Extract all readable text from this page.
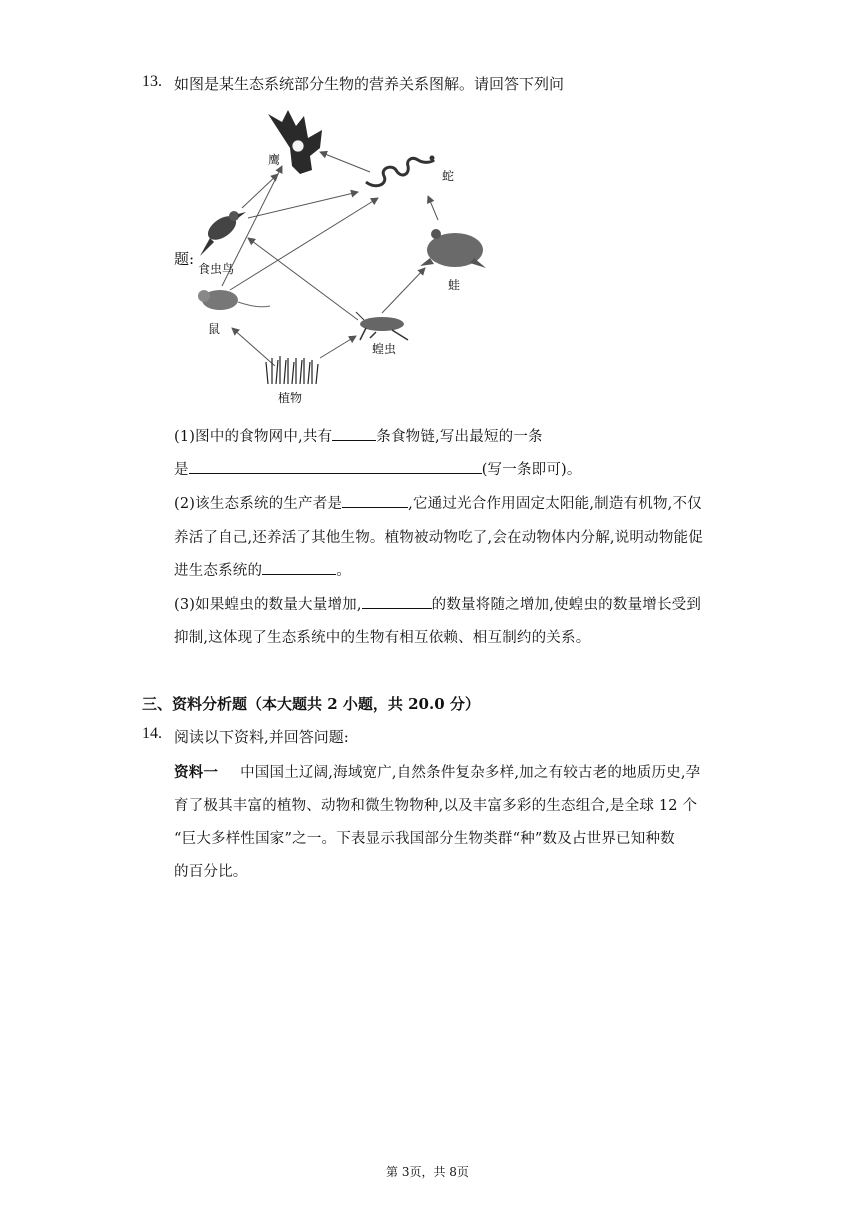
13. 如图是某生态系统部分生物的营养关系图解。请回答下列问
鹰
蛇
食虫鸟
蛙
鼠
蝗虫
植物
题:
(1)图中的食物网中,共有	条食物链,写出最短的一条
是	(写一条即可)。
(2)该生态系统的生产者是	,它通过光合作用固定太阳能,制造有机物,不仅
养活了自己,还养活了其他生物。植物被动物吃了,会在动物体内分解,说明动物能促
进生态系统的	。
(3)如果蝗虫的数量大量增加,	的数量将随之增加,使蝗虫的数量增长受到
抑制,这体现了生态系统中的生物有相互依赖、相互制约的关系。
三、资料分析题（本大题共 2 小题，共 20.0 分）
14. 阅读以下资料,并回答问题:
资料一 中国国土辽阔,海域宽广,自然条件复杂多样,加之有较古老的地质历史,孕
育了极其丰富的植物、动物和微生物物种,以及丰富多彩的生态组合,是全球 12 个
“巨大多样性国家”之一。下表显示我国部分生物类群“种”数及占世界已知种数
的百分比。
第 3页，共 8页
